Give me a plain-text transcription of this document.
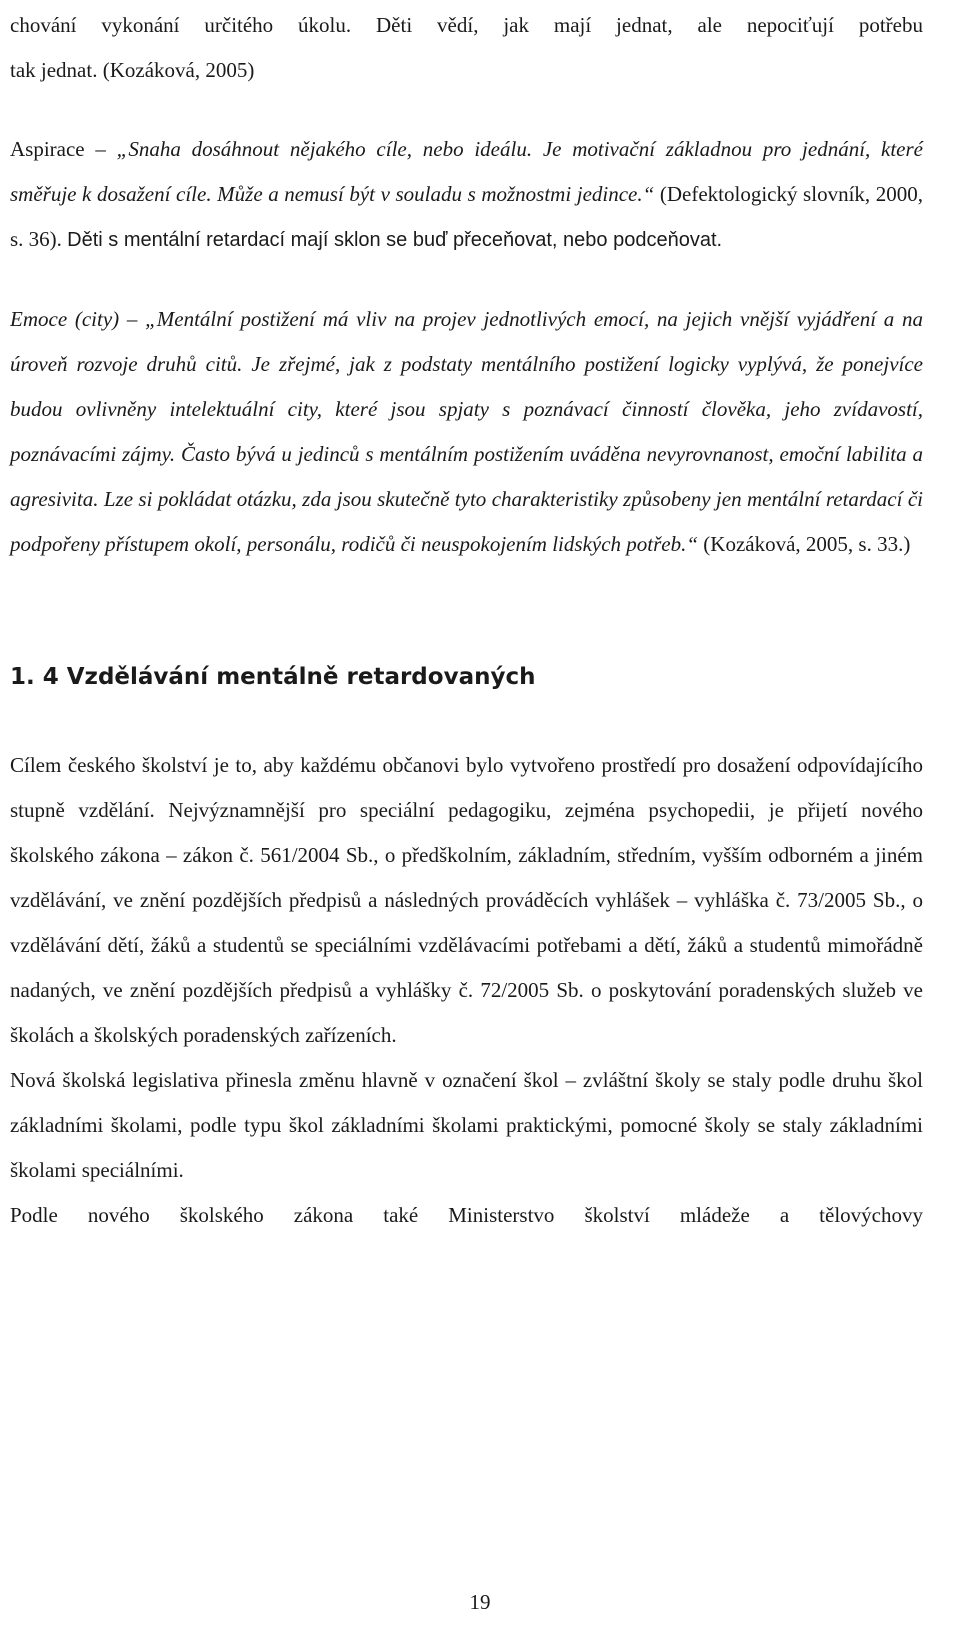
chování vykonání určitého úkolu. Děti vědí, jak mají jednat, ale nepociťují potřebu

tak jednat. (Kozáková, 2005)

Aspirace – „Snaha dosáhnout nějakého cíle, nebo ideálu. Je motivační základnou pro jednání, které směřuje k dosažení cíle. Může a nemusí být v souladu s možnostmi jedince.“ (Defektologický slovník, 2000, s. 36). Děti s mentální retardací mají sklon se buď přeceňovat, nebo podceňovat.

Emoce (city) – „Mentální postižení má vliv na projev jednotlivých emocí, na jejich vnější vyjádření a na úroveň rozvoje druhů citů. Je zřejmé, jak z podstaty mentálního postižení logicky vyplývá, že ponejvíce budou ovlivněny intelektuální city, které jsou spjaty s poznávací činností člověka, jeho zvídavostí, poznávacími zájmy. Často bývá u jedinců s mentálním postižením uváděna nevyrovnanost, emoční labilita a agresivita. Lze si pokládat otázku, zda jsou skutečně tyto charakteristiky způsobeny jen mentální retardací či podpořeny přístupem okolí, personálu, rodičů či neuspokojením lidských potřeb.“ (Kozáková, 2005, s. 33.)

1. 4 Vzdělávání mentálně retardovaných

Cílem českého školství je to, aby každému občanovi bylo vytvořeno prostředí pro dosažení odpovídajícího stupně vzdělání. Nejvýznamnější pro speciální pedagogiku, zejména psychopedii, je přijetí nového školského zákona – zákon č. 561/2004 Sb., o předškolním, základním, středním, vyšším odborném a jiném vzdělávání, ve znění pozdějších předpisů a následných prováděcích vyhlášek – vyhláška č. 73/2005 Sb., o vzdělávání dětí, žáků a studentů se speciálními vzdělávacími potřebami a dětí, žáků a studentů mimořádně nadaných, ve znění pozdějších předpisů a vyhlášky č. 72/2005 Sb. o poskytování poradenských služeb ve školách a školských poradenských zařízeních.

Nová školská legislativa přinesla změnu hlavně v označení škol – zvláštní školy se staly podle druhu škol základními školami, podle typu škol základními školami praktickými, pomocné školy se staly základními školami speciálními.

Podle nového školského zákona také Ministerstvo školství mládeže a tělovýchovy

19
